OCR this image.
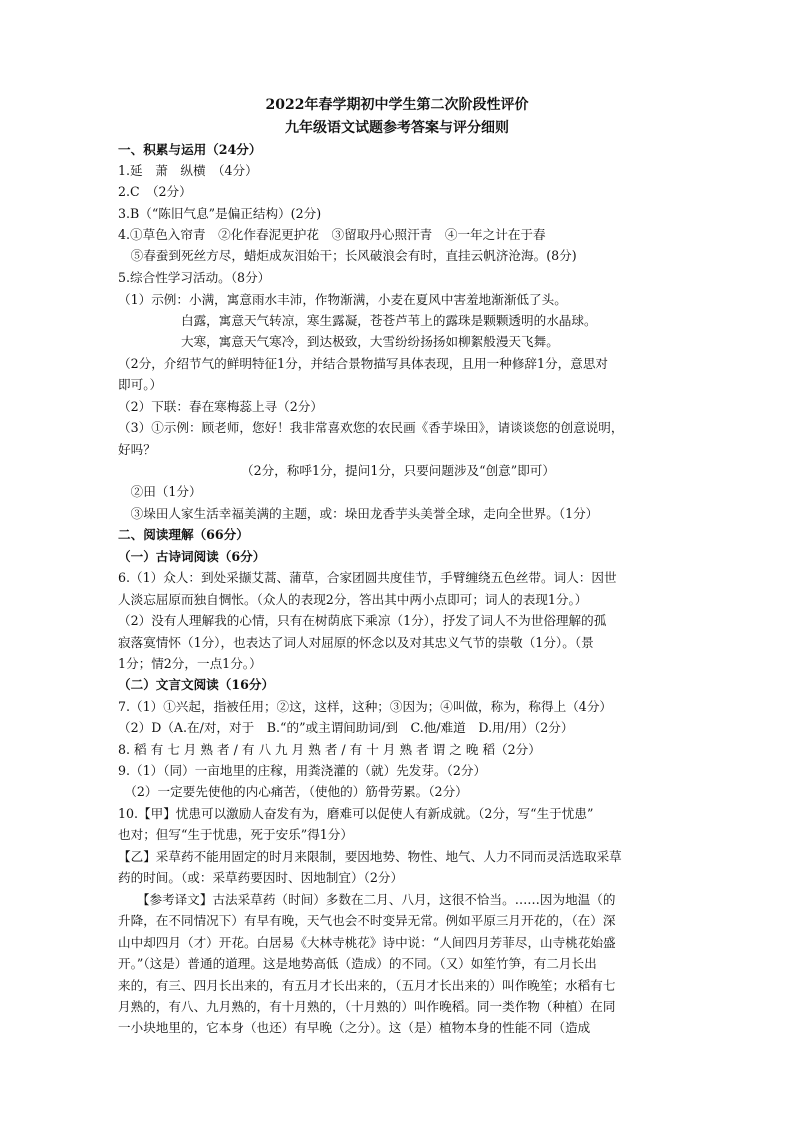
2022年春学期初中学生第二次阶段性评价
九年级语文试题参考答案与评分细则
一、积累与运用（24分）
1.延　萧　纵横　（4分）
2.C　（2分）
3.B（“陈旧气息”是偏正结构）(2分)
4.①草色入帘青　②化作春泥更护花　③留取丹心照汗青　④一年之计在于春
　⑤春蚕到死丝方尽，蜡炬成灰泪始干；长风破浪会有时，直挂云帆济沧海。(8分)
5.综合性学习活动。（8分）
（1）示例：小满，寓意雨水丰沛，作物渐满，小麦在夏风中害羞地渐渐低了头。
　　　　　白露，寓意天气转凉，寒生露凝，苍苍芦苇上的露珠是颗颗透明的水晶球。
　　　　　大寒，寓意天气寒冷，到达极致，大雪纷纷扬扬如柳絮般漫天飞舞。
（2分，介绍节气的鲜明特征1分，并结合景物描写具体表现，且用一种修辞1分，意思对
即可。）
（2）下联：春在寒梅蕊上寻（2分）
（3）①示例：顾老师，您好！我非常喜欢您的农民画《香芋垛田》，请谈谈您的创意说明，
好吗？
（2分，称呼1分，提问1分，只要问题涉及“创意”即可）
　②田（1分）
　③垛田人家生活幸福美满的主题，或：垛田龙香芋头美誉全球，走向全世界。（1分）
二、阅读理解（66分）
（一）古诗词阅读（6分）
6.（1）众人：到处采撷艾蒿、蒲草，合家团圆共度佳节，手臂缠绕五色丝带。词人：因世
人淡忘屈原而独自惆怅。（众人的表现2分，答出其中两小点即可；词人的表现1分。）
（2）没有人理解我的心情，只有在树荫底下乘凉（1分），抒发了词人不为世俗理解的孤
寂落寞情怀（1分），也表达了词人对屈原的怀念以及对其忠义气节的崇敬（1分）。（景
1分；情2分，一点1分。）
（二）文言文阅读（16分）
7.（1）①兴起，指被任用；②这，这样，这种；③因为；④叫做，称为，称得上（4分）
（2）D（A.在/对，对于　B.“的”或主谓间助词/到　C.他/难道　D.用/用）（2分）
8. 稻 有 七 月 熟 者 / 有 八 九 月 熟 者 / 有 十 月 熟 者 谓 之 晚 稻（2分）
9.（1）（同）一亩地里的庄稼，用粪浇灌的（就）先发芽。（2分）
　（2）一定要先使他的内心痛苦，（使他的）筋骨劳累。（2分）
10.【甲】忧患可以激励人奋发有为，磨难可以促使人有新成就。（2分，写“生于忧患”
也对；但写“生于忧患，死于安乐”得1分）
【乙】采草药不能用固定的时月来限制，要因地势、物性、地气、人力不同而灵活选取采草
药的时间。（或：采草药要因时、因地制宜）（2分）
　　【参考译文】古法采草药（时间）多数在二月、八月，这很不恰当。……因为地温（的
升降，在不同情况下）有早有晚，天气也会不时变异无常。例如平原三月开花的，（在）深
山中却四月（才）开花。白居易《大林寺桃花》诗中说：“人间四月芳菲尽，山寺桃花始盛
开。”（这是）普通的道理。这是地势高低（造成）的不同。（又）如笙竹笋，有二月长出
来的，有三、四月长出来的，有五月才长出来的，（五月才长出来的）叫作晚笙；水稻有七
月熟的，有八、九月熟的，有十月熟的，（十月熟的）叫作晚稻。同一类作物（种植）在同
一小块地里的，它本身（也还）有早晚（之分）。这（是）植物本身的性能不同（造成
